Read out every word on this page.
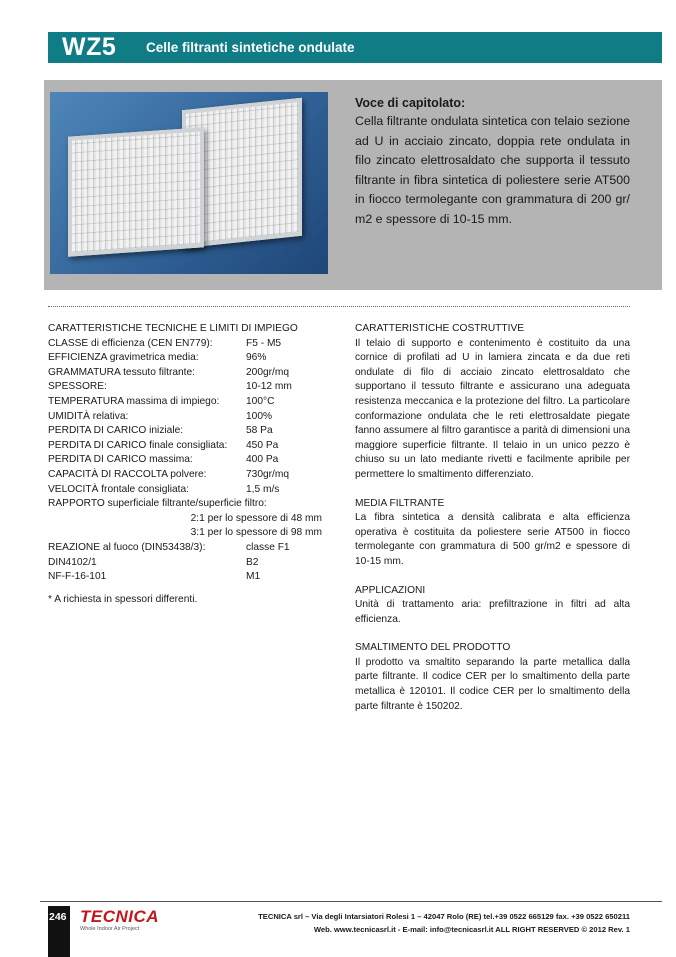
WZ5 Celle filtranti sintetiche ondulate
Voce di capitolato:
Cella filtrante ondulata sintetica con telaio sezione ad U in acciaio zincato, doppia rete ondulata in filo zincato elettrosaldato che supporta il tessuto filtrante in fibra sintetica di poliestere serie AT500 in fiocco termolegante con grammatura di 200 gr/ m2 e spessore di 10-15 mm.
CARATTERISTICHE TECNICHE E LIMITI DI IMPIEGO
CLASSE di efficienza (CEN EN779):	F5 - M5
EFFICIENZA gravimetrica media:	96%
GRAMMATURA tessuto filtrante:	200gr/mq
SPESSORE:	10-12 mm
TEMPERATURA massima di impiego:	100°C
UMIDITÀ relativa:	100%
PERDITA DI CARICO iniziale:	58 Pa
PERDITA DI CARICO finale consigliata: 450 Pa
PERDITA DI CARICO massima:	400 Pa
CAPACITÀ DI RACCOLTA polvere:	730gr/mq
VELOCITÀ frontale consigliata:	1,5 m/s
RAPPORTO superficiale filtrante/superficie filtro:
2:1 per lo spessore di 48 mm
3:1 per lo spessore di 98 mm
REAZIONE al fuoco (DIN53438/3):	classe F1
DIN4102/1	B2
NF-F-16-101	M1
* A richiesta in spessori differenti.

CARATTERISTICHE COSTRUTTIVE

Il telaio di supporto e contenimento è costituito da una cornice di profilati ad U in lamiera zincata e da due reti ondulate di filo di acciaio zincato elettrosaldato che supportano il tessuto filtrante e assicurano una adeguata resistenza meccanica e la protezione del filtro. La particolare conformazione ondulata che le reti elettrosaldate piegate fanno assumere al filtro garantisce a parità di dimensioni una maggiore superficie filtrante. Il telaio in un unico pezzo è chiuso su un lato mediante rivetti e facilmente apribile per permettere lo smaltimento differenziato.

MEDIA FILTRANTE

La fibra sintetica a densità calibrata e alta efficienza operativa è costituita da poliestere serie AT500 in fiocco termolegante con grammatura di 500 gr/m2 e spessore di 10-15 mm.

APPLICAZIONI

Unità di trattamento aria: prefiltrazione in filtri ad alta efficienza.

SMALTIMENTO DEL PRODOTTO

Il prodotto va smaltito separando la parte metallica dalla parte filtrante. Il codice CER per lo smaltimento della parte metallica è 120101. Il codice CER per lo smaltimento della parte filtrante è 150202.

246 TECNICA
Whole Indoor Air Project
TECNICA srl – Via degli Intarsiatori Rolesi 1 – 42047 Rolo (RE) tel.+39 0522 665129 fax. +39 0522 650211
Web. www.tecnicasrl.it - E-mail: info@tecnicasrl.it ALL RIGHT RESERVED © 2012 Rev. 1
